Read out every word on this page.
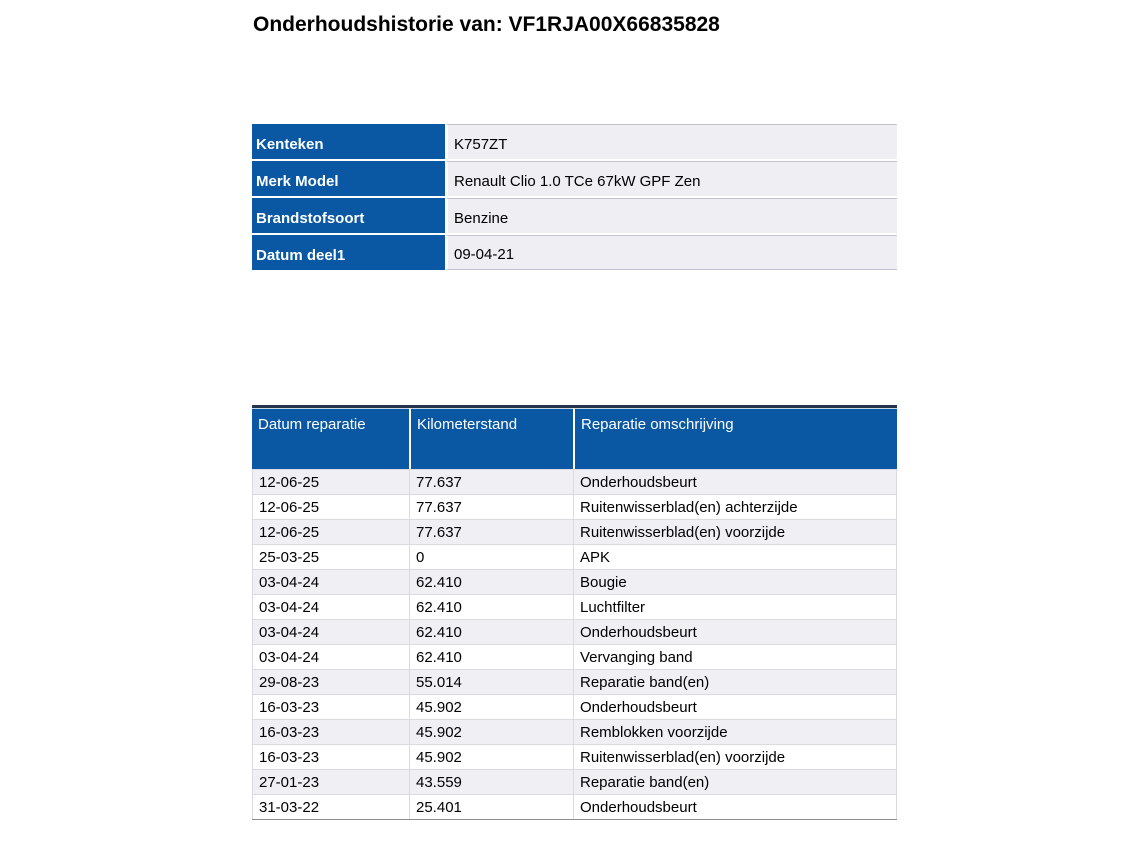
Onderhoudshistorie van: VF1RJA00X66835828
Kenteken	K757ZT
Merk Model	Renault Clio 1.0 TCe 67kW GPF Zen
Brandstofsoort	Benzine
Datum deel1	09-04-21
Datum reparatie	Kilometerstand	Reparatie omschrijving
12-06-25	77.637	Onderhoudsbeurt
12-06-25	77.637	Ruitenwisserblad(en) achterzijde
12-06-25	77.637	Ruitenwisserblad(en) voorzijde
25-03-25	0	APK
03-04-24	62.410	Bougie
03-04-24	62.410	Luchtfilter
03-04-24	62.410	Onderhoudsbeurt
03-04-24	62.410	Vervanging band
29-08-23	55.014	Reparatie band(en)
16-03-23	45.902	Onderhoudsbeurt
16-03-23	45.902	Remblokken voorzijde
16-03-23	45.902	Ruitenwisserblad(en) voorzijde
27-01-23	43.559	Reparatie band(en)
31-03-22	25.401	Onderhoudsbeurt
